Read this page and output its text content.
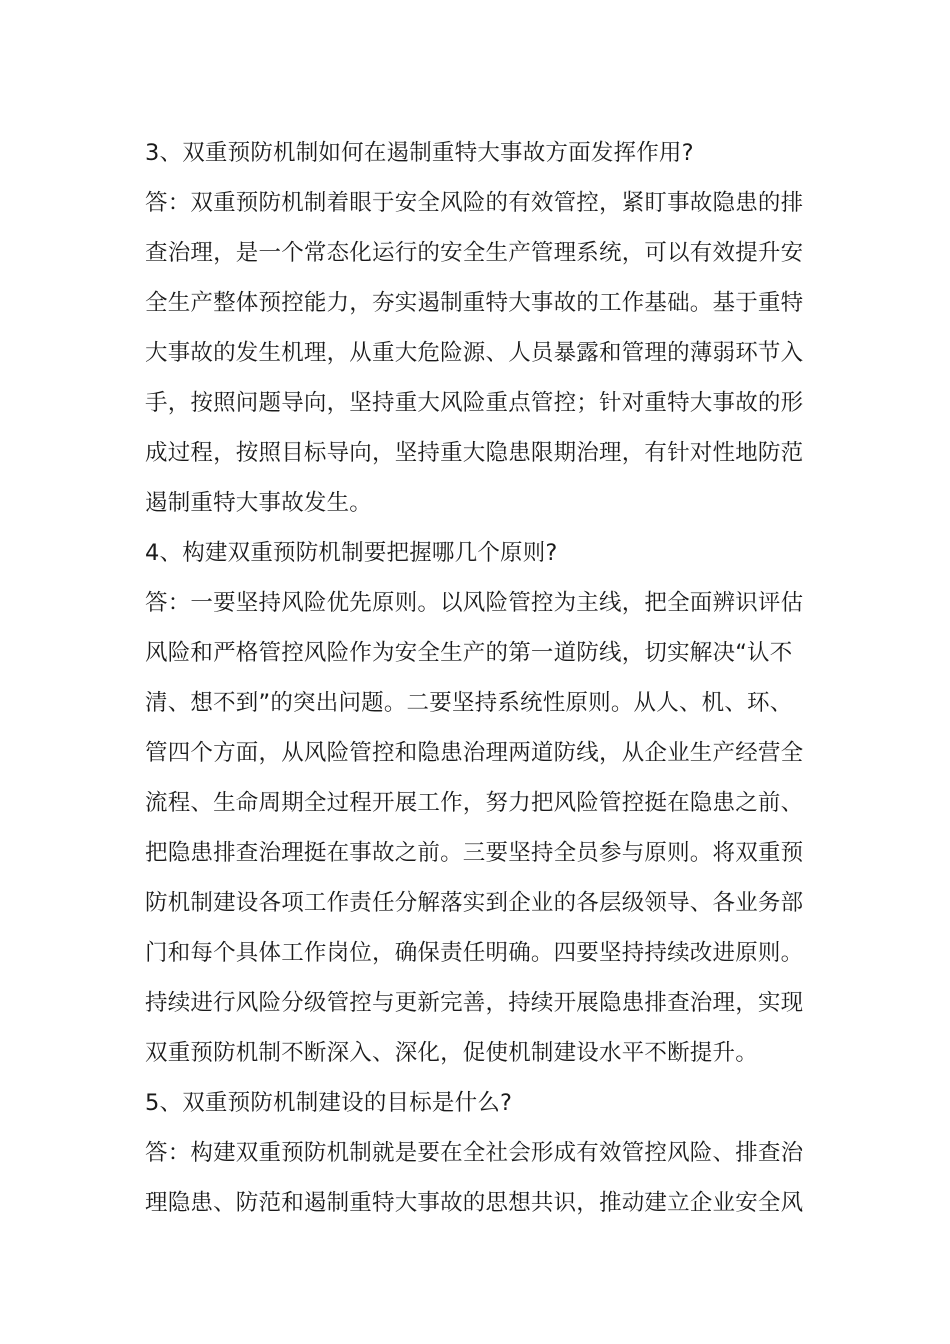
3、双重预防机制如何在遏制重特大事故方面发挥作用?
答：双重预防机制着眼于安全风险的有效管控，紧盯事故隐患的排
查治理，是一个常态化运行的安全生产管理系统，可以有效提升安
全生产整体预控能力，夯实遏制重特大事故的工作基础。基于重特
大事故的发生机理，从重大危险源、人员暴露和管理的薄弱环节入
手，按照问题导向，坚持重大风险重点管控；针对重特大事故的形
成过程，按照目标导向，坚持重大隐患限期治理，有针对性地防范
遏制重特大事故发生。
4、构建双重预防机制要把握哪几个原则?
答：一要坚持风险优先原则。以风险管控为主线，把全面辨识评估
风险和严格管控风险作为安全生产的第一道防线，切实解决“认不
清、想不到”的突出问题。二要坚持系统性原则。从人、机、环、
管四个方面，从风险管控和隐患治理两道防线，从企业生产经营全
流程、生命周期全过程开展工作，努力把风险管控挺在隐患之前、
把隐患排查治理挺在事故之前。三要坚持全员参与原则。将双重预
防机制建设各项工作责任分解落实到企业的各层级领导、各业务部
门和每个具体工作岗位，确保责任明确。四要坚持持续改进原则。
持续进行风险分级管控与更新完善，持续开展隐患排查治理，实现
双重预防机制不断深入、深化，促使机制建设水平不断提升。
5、双重预防机制建设的目标是什么?
答：构建双重预防机制就是要在全社会形成有效管控风险、排查治
理隐患、防范和遏制重特大事故的思想共识，推动建立企业安全风
